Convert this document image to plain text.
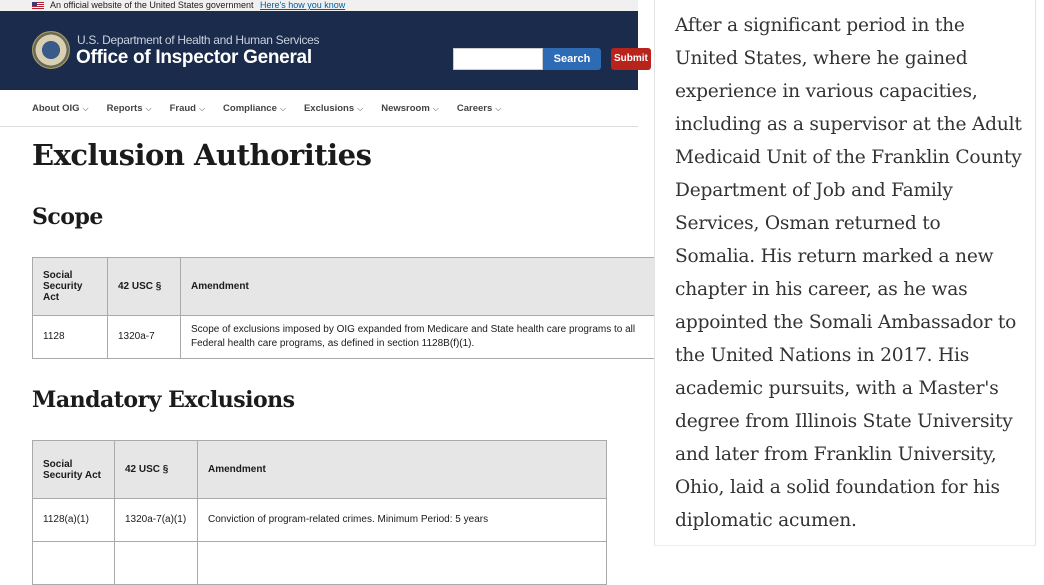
An official website of the United States government Here's how you know
U.S. Department of Health and Human Services
Office of Inspector General	Search	Submit
About OIG ⌵ Reports ⌵ Fraud ⌵ Compliance ⌵ Exclusions ⌵ Newsroom ⌵ Careers ⌵
Exclusion Authorities
Scope
Social Security Act	42 USC §	Amendment
1128	1320a-7	Scope of exclusions imposed by OIG expanded from Medicare and State health care programs to all Federal health care programs, as defined in section 1128B(f)(1).
Mandatory Exclusions
Social Security Act	42 USC §	Amendment
1128(a)(1)	1320a-7(a)(1)	Conviction of program-related crimes. Minimum Period: 5 years

After a significant period in the United States, where he gained experience in various capacities, including as a supervisor at the Adult Medicaid Unit of the Franklin County Department of Job and Family Services, Osman returned to Somalia. His return marked a new chapter in his career, as he was appointed the Somali Ambassador to the United Nations in 2017. His academic pursuits, with a Master's degree from Illinois State University and later from Franklin University, Ohio, laid a solid foundation for his diplomatic acumen.
